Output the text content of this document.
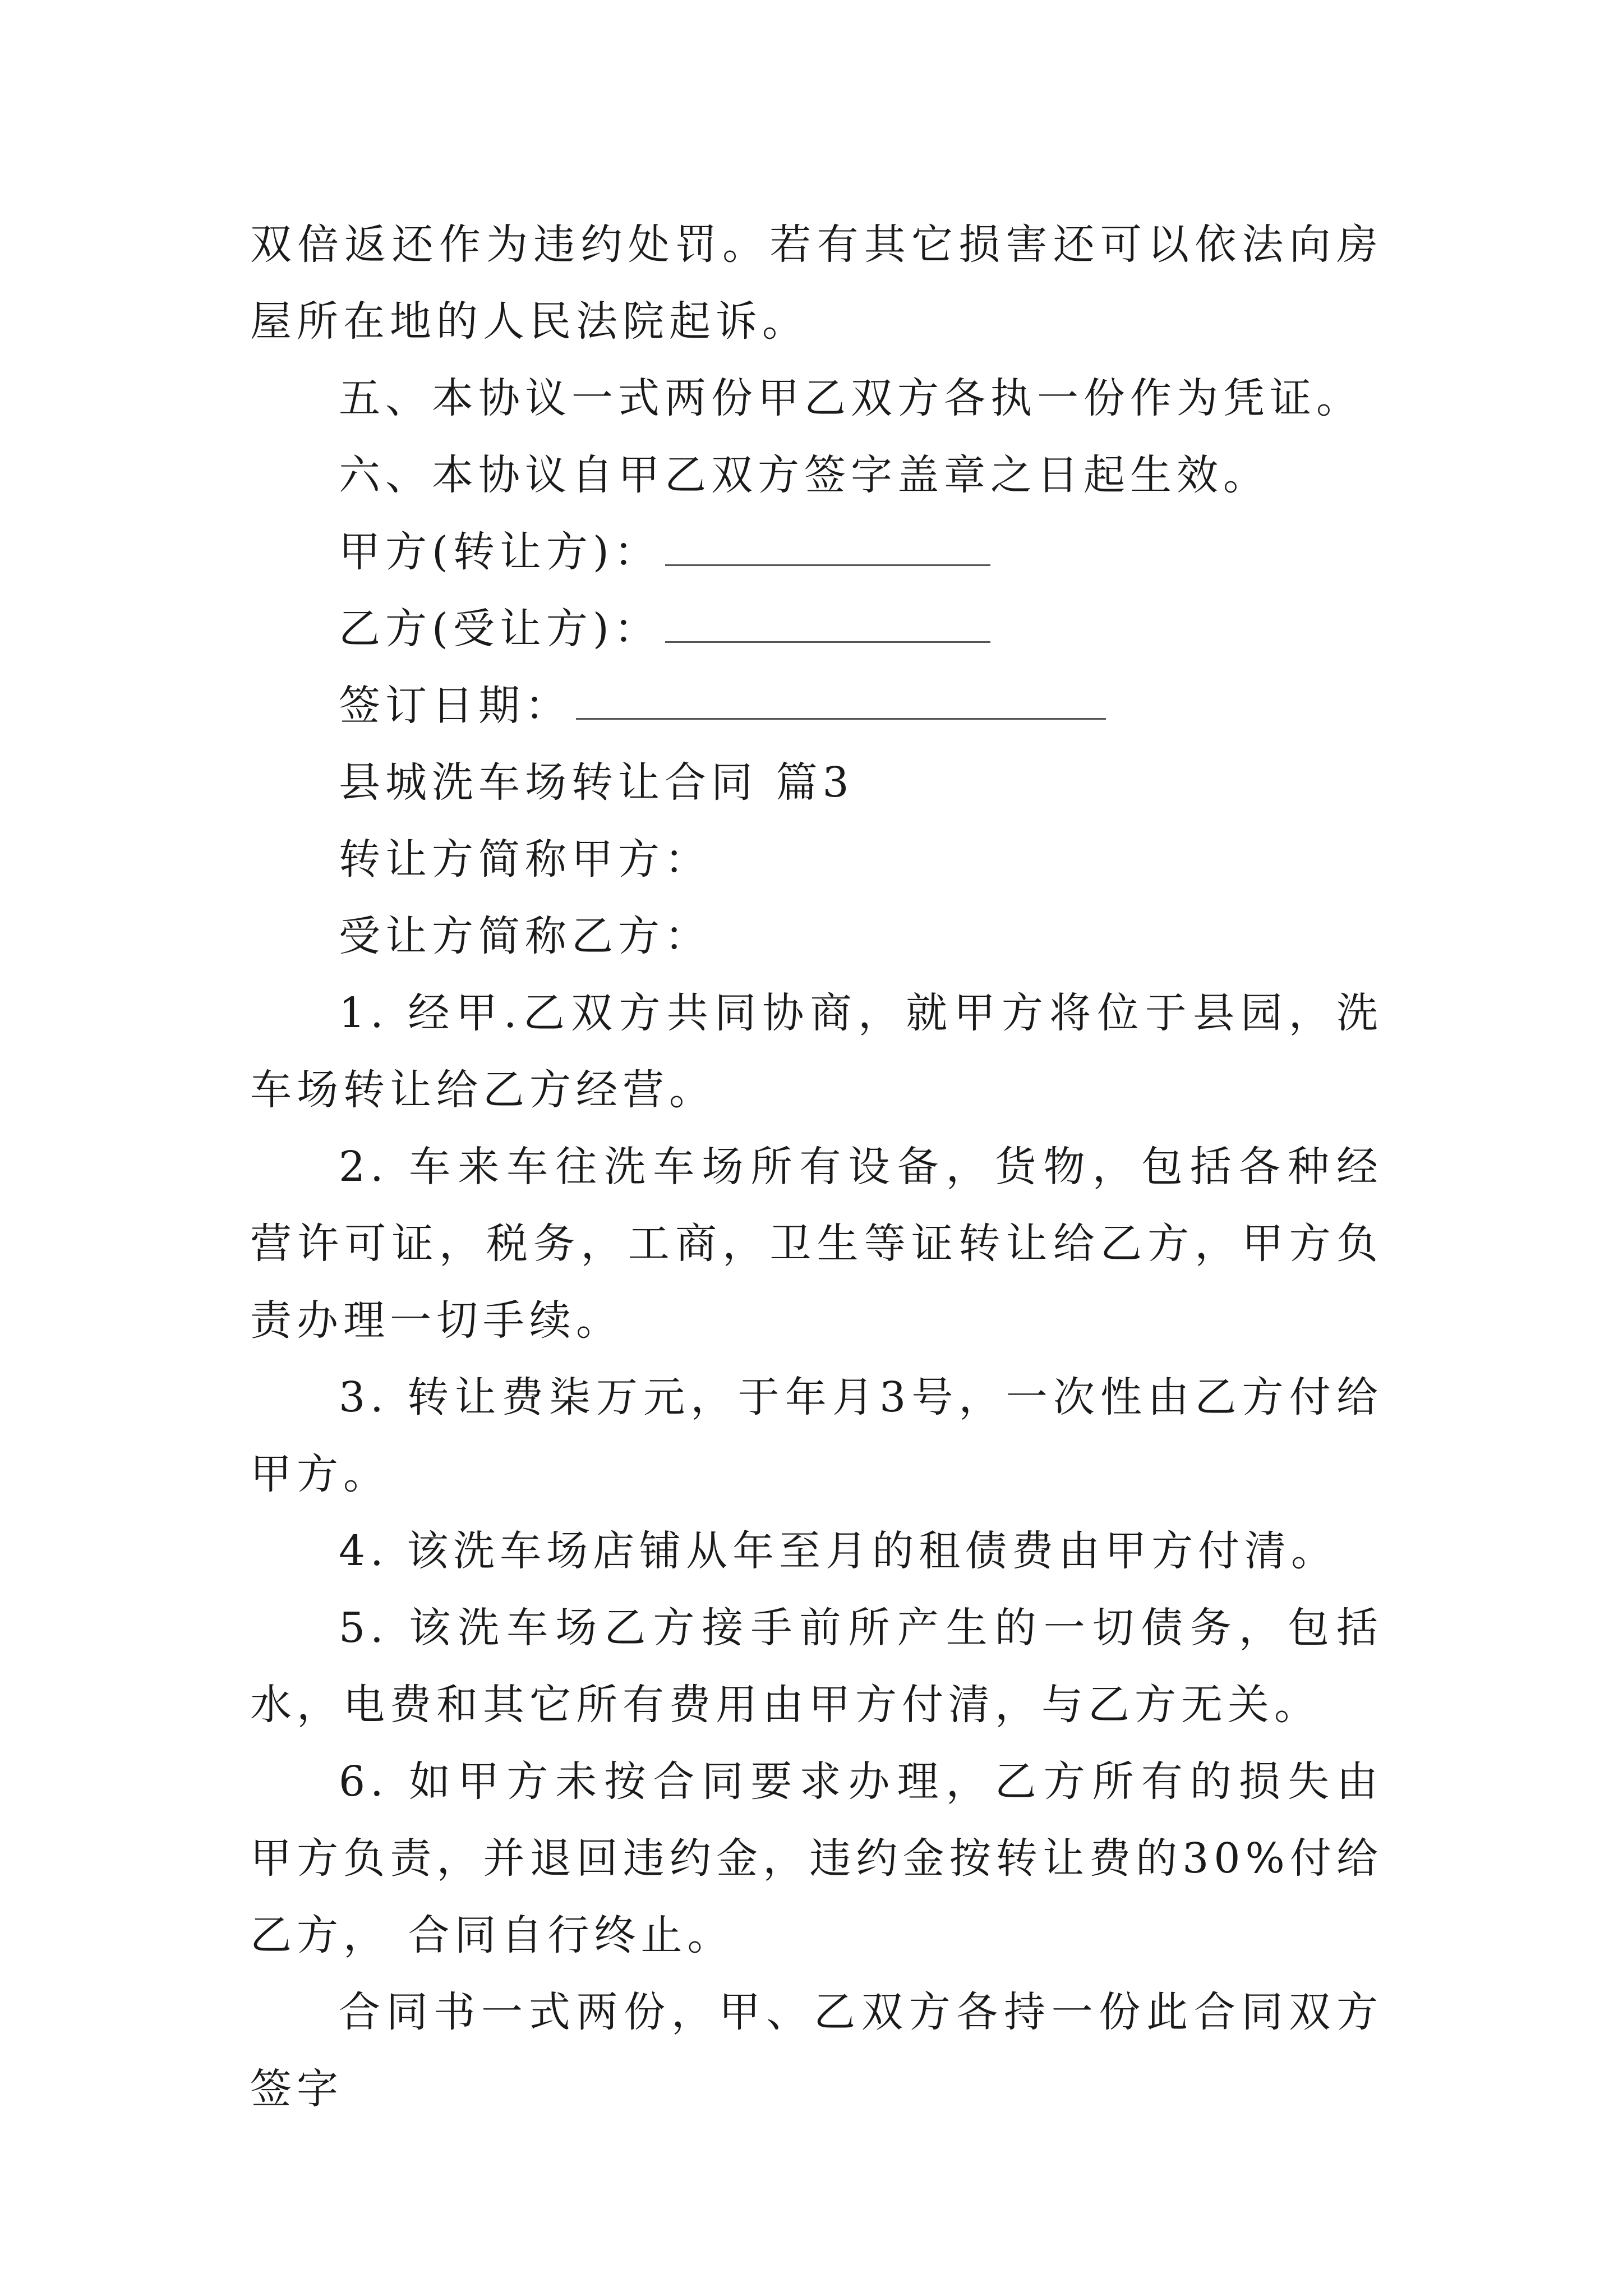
双倍返还作为违约处罚。若有其它损害还可以依法向房屋所在地的人民法院起诉。

五、本协议一式两份甲乙双方各执一份作为凭证。

六、本协议自甲乙双方签字盖章之日起生效。

甲方(转让方)：

乙方(受让方)：

签订日期：

县城洗车场转让合同 篇3

转让方简称甲方：

受让方简称乙方：

1. 经甲.乙双方共同协商，就甲方将位于县园，洗车场转让给乙方经营。

2. 车来车往洗车场所有设备，货物，包括各种经营许可证，税务，工商，卫生等证转让给乙方，甲方负责办理一切手续。

3. 转让费柒万元，于年月3号，一次性由乙方付给甲方。

4. 该洗车场店铺从年至月的租债费由甲方付清。

5. 该洗车场乙方接手前所产生的一切债务，包括水，电费和其它所有费用由甲方付清，与乙方无关。

6. 如甲方未按合同要求办理，乙方所有的损失由甲方负责，并退回违约金，违约金按转让费的30%付给乙方， 合同自行终止。

合同书一式两份，甲、乙双方各持一份此合同双方签字
